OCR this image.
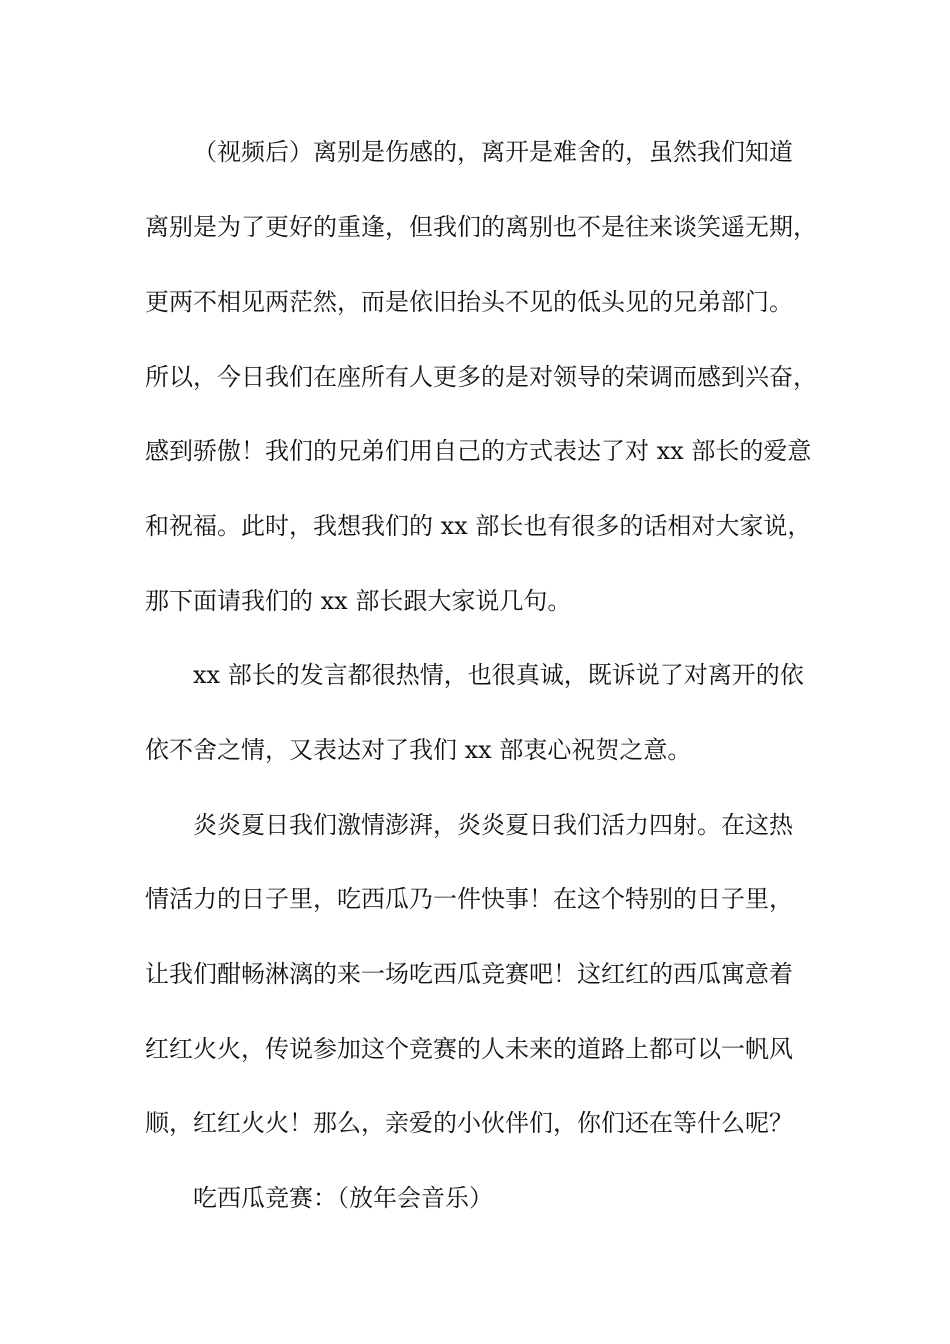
（视频后）离别是伤感的，离开是难舍的，虽然我们知道
离别是为了更好的重逢，但我们的离别也不是往来谈笑遥无期，
更两不相见两茫然，而是依旧抬头不见的低头见的兄弟部门。
所以，今日我们在座所有人更多的是对领导的荣调而感到兴奋，
感到骄傲！我们的兄弟们用自己的方式表达了对 xx 部长的爱意
和祝福。此时，我想我们的 xx 部长也有很多的话相对大家说，
那下面请我们的 xx 部长跟大家说几句。
xx 部长的发言都很热情，也很真诚，既诉说了对离开的依
依不舍之情，又表达对了我们 xx 部衷心祝贺之意。
炎炎夏日我们激情澎湃，炎炎夏日我们活力四射。在这热
情活力的日子里，吃西瓜乃一件快事！在这个特别的日子里，
让我们酣畅淋漓的来一场吃西瓜竞赛吧！这红红的西瓜寓意着
红红火火，传说参加这个竞赛的人未来的道路上都可以一帆风
顺，红红火火！那么，亲爱的小伙伴们，你们还在等什么呢？
吃西瓜竞赛：（放年会音乐）
